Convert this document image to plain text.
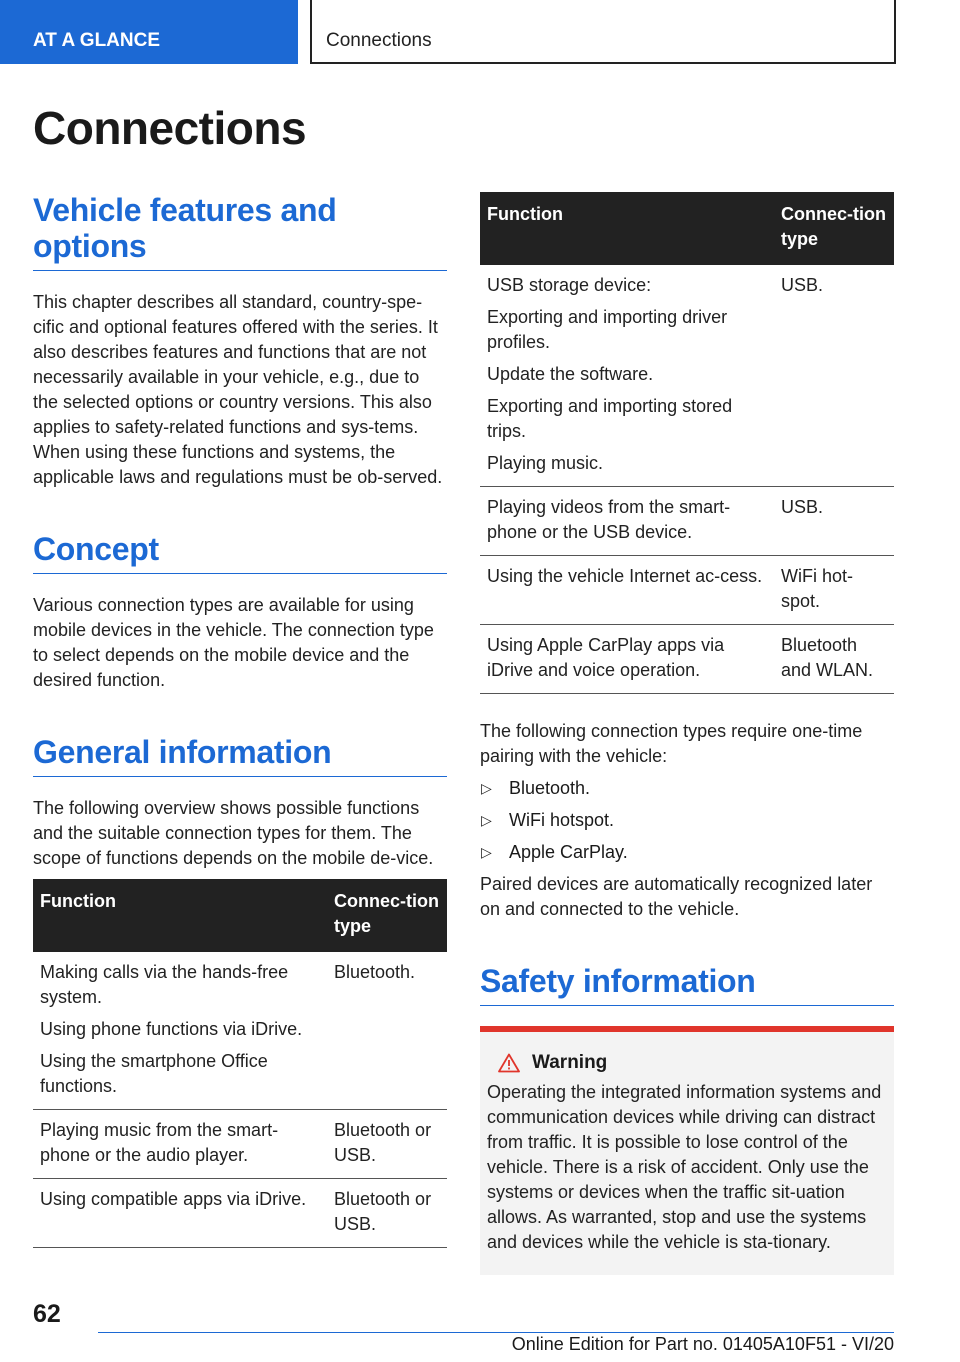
AT A GLANCE	Connections
Connections
Vehicle features and options

This chapter describes all standard, country-spe-cific and optional features offered with the series. It also describes features and functions that are not necessarily available in your vehicle, e.g., due to the selected options or country versions. This also applies to safety-related functions and sys-tems. When using these functions and systems, the applicable laws and regulations must be ob-served.

Concept

Various connection types are available for using mobile devices in the vehicle. The connection type to select depends on the mobile device and the desired function.

General information

The following overview shows possible functions and the suitable connection types for them. The scope of functions depends on the mobile de-vice.

Function	Connec-tion type

Making calls via the hands-free system.
Using phone functions via iDrive.
Using the smartphone Office functions.	Bluetooth.

Playing music from the smart-phone or the audio player.	Bluetooth or USB.

Using compatible apps via iDrive.	Bluetooth or USB.
Function	Connec-tion type

USB storage device:
Exporting and importing driver profiles.
Update the software.
Exporting and importing stored trips.
Playing music.	USB.

Playing videos from the smart-phone or the USB device.	USB.

Using the vehicle Internet ac-cess.	WiFi hot-spot.

Using Apple CarPlay apps via iDrive and voice operation.	Bluetooth and WLAN.

The following connection types require one-time pairing with the vehicle:

▷ Bluetooth.
▷ WiFi hotspot.
▷ Apple CarPlay.

Paired devices are automatically recognized later on and connected to the vehicle.

Safety information
Warning

Operating the integrated information systems and communication devices while driving can distract from traffic. It is possible to lose control of the vehicle. There is a risk of accident. Only use the systems or devices when the traffic sit-uation allows. As warranted, stop and use the systems and devices while the vehicle is sta-tionary.

62
Online Edition for Part no. 01405A10F51 - VI/20
